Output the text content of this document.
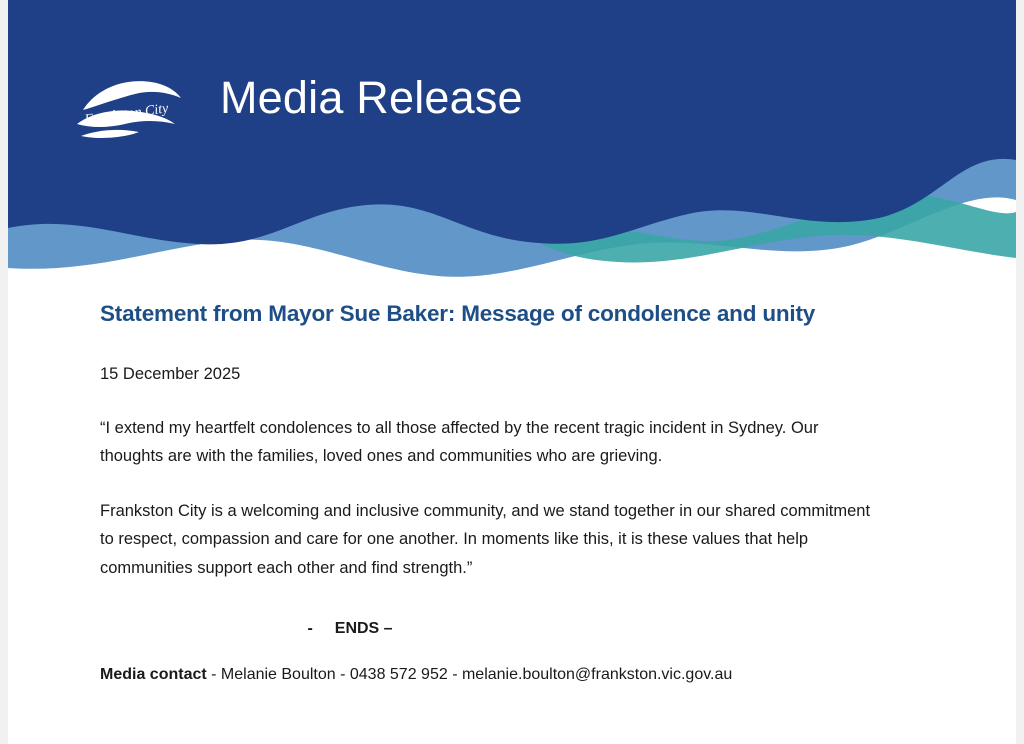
Frankston City Media Release
Statement from Mayor Sue Baker: Message of condolence and unity

15 December 2025

“I extend my heartfelt condolences to all those affected by the recent tragic incident in Sydney. Our thoughts are with the families, loved ones and communities who are grieving.

Frankston City is a welcoming and inclusive community, and we stand together in our shared commitment to respect, compassion and care for one another. In moments like this, it is these values that help communities support each other and find strength.”

- ENDS –

Media contact - Melanie Boulton - 0438 572 952 - melanie.boulton@frankston.vic.gov.au
